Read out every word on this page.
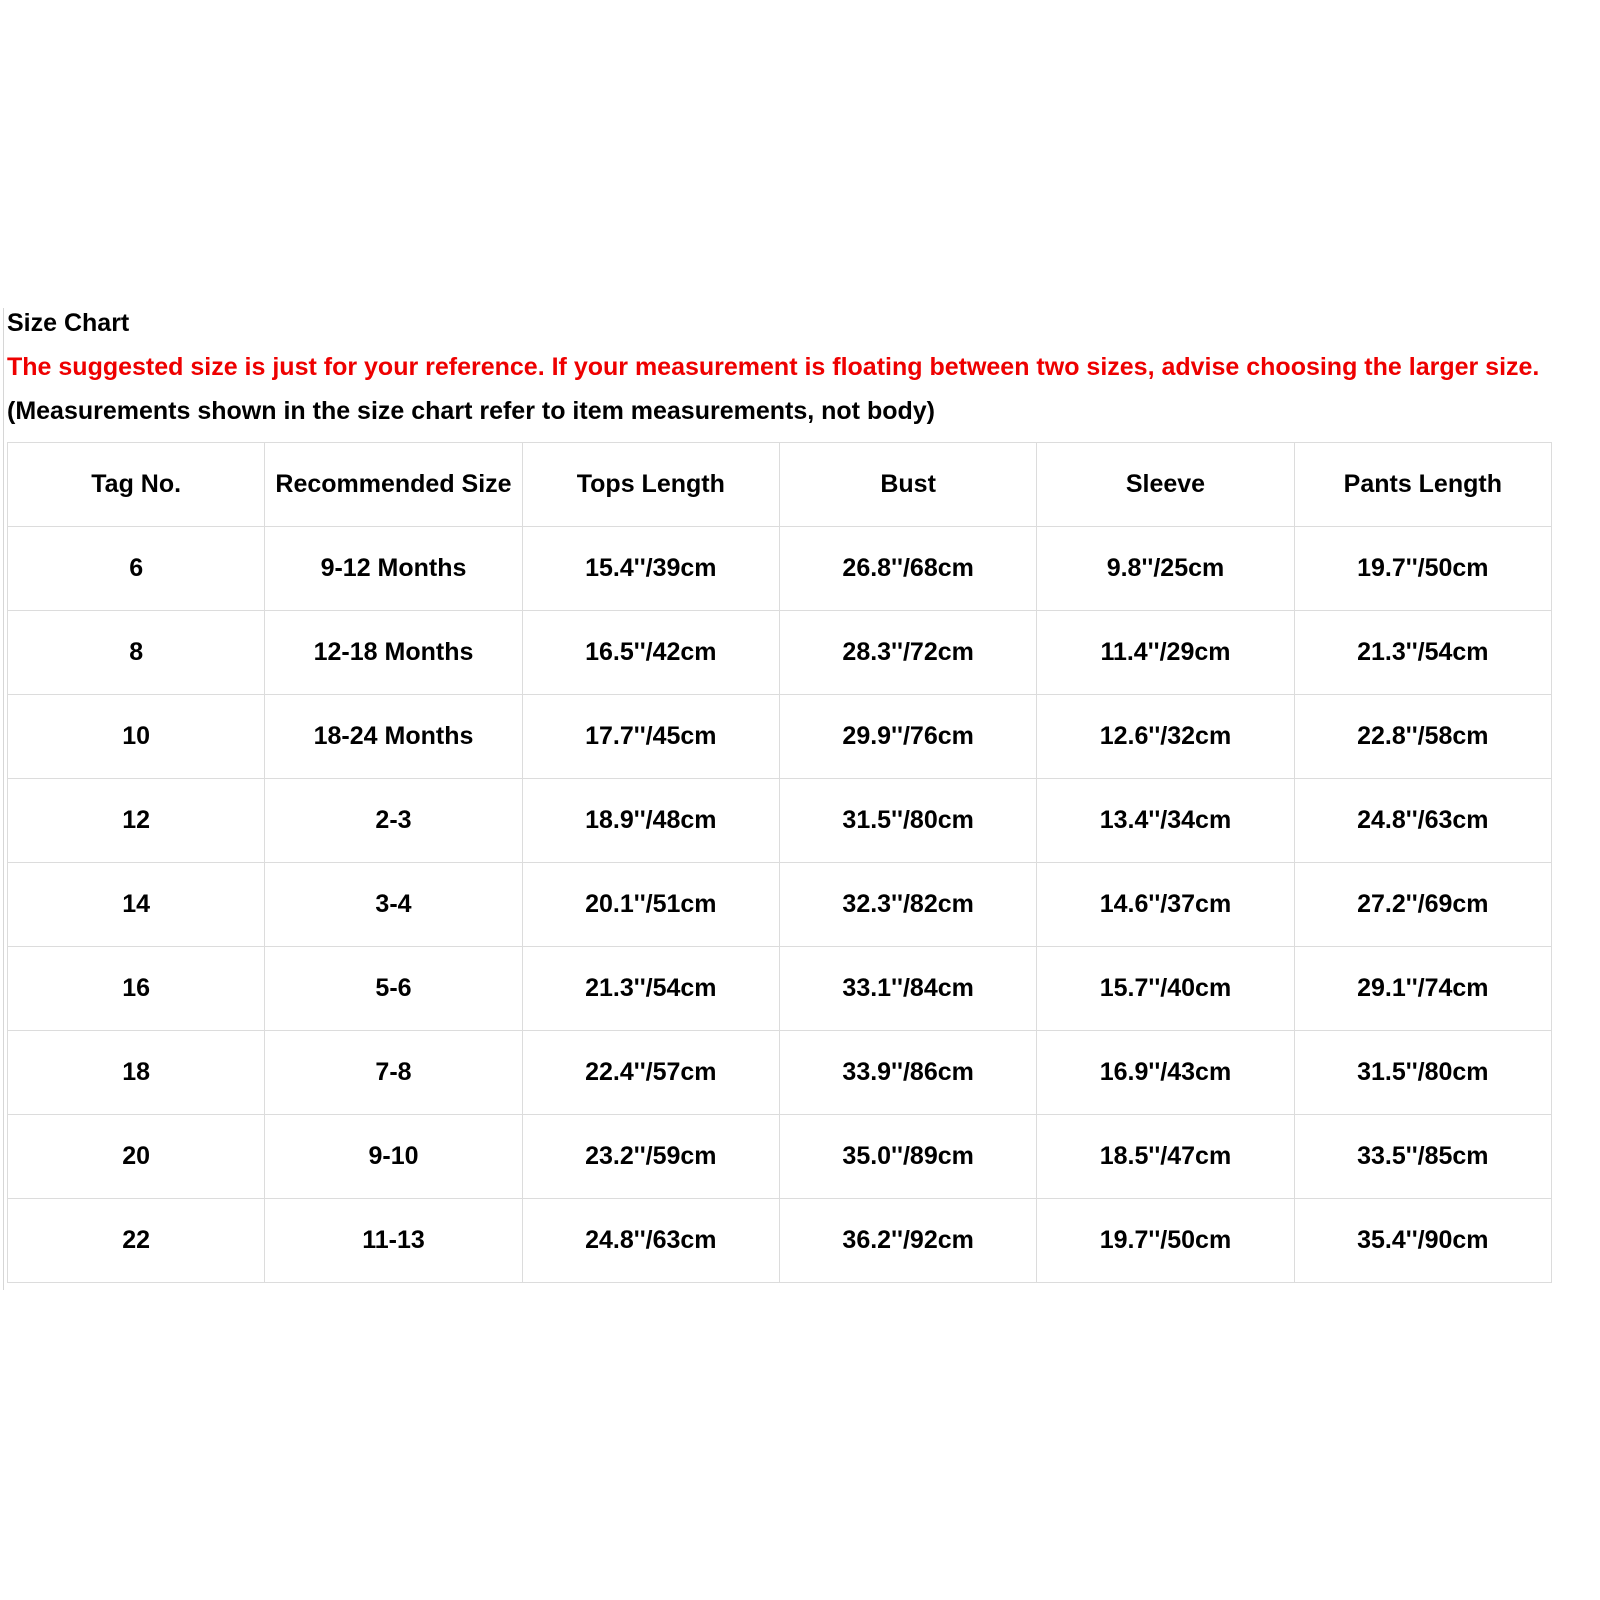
Size Chart
The suggested size is just for your reference. If your measurement is floating between two sizes, advise choosing the larger size.
(Measurements shown in the size chart refer to item measurements, not body)
Tag No.	Recommended Size	Tops Length	Bust	Sleeve	Pants Length
6	9-12 Months	15.4''/39cm	26.8''/68cm	9.8''/25cm	19.7''/50cm
8	12-18 Months	16.5''/42cm	28.3''/72cm	11.4''/29cm	21.3''/54cm
10	18-24 Months	17.7''/45cm	29.9''/76cm	12.6''/32cm	22.8''/58cm
12	2-3	18.9''/48cm	31.5''/80cm	13.4''/34cm	24.8''/63cm
14	3-4	20.1''/51cm	32.3''/82cm	14.6''/37cm	27.2''/69cm
16	5-6	21.3''/54cm	33.1''/84cm	15.7''/40cm	29.1''/74cm
18	7-8	22.4''/57cm	33.9''/86cm	16.9''/43cm	31.5''/80cm
20	9-10	23.2''/59cm	35.0''/89cm	18.5''/47cm	33.5''/85cm
22	11-13	24.8''/63cm	36.2''/92cm	19.7''/50cm	35.4''/90cm
